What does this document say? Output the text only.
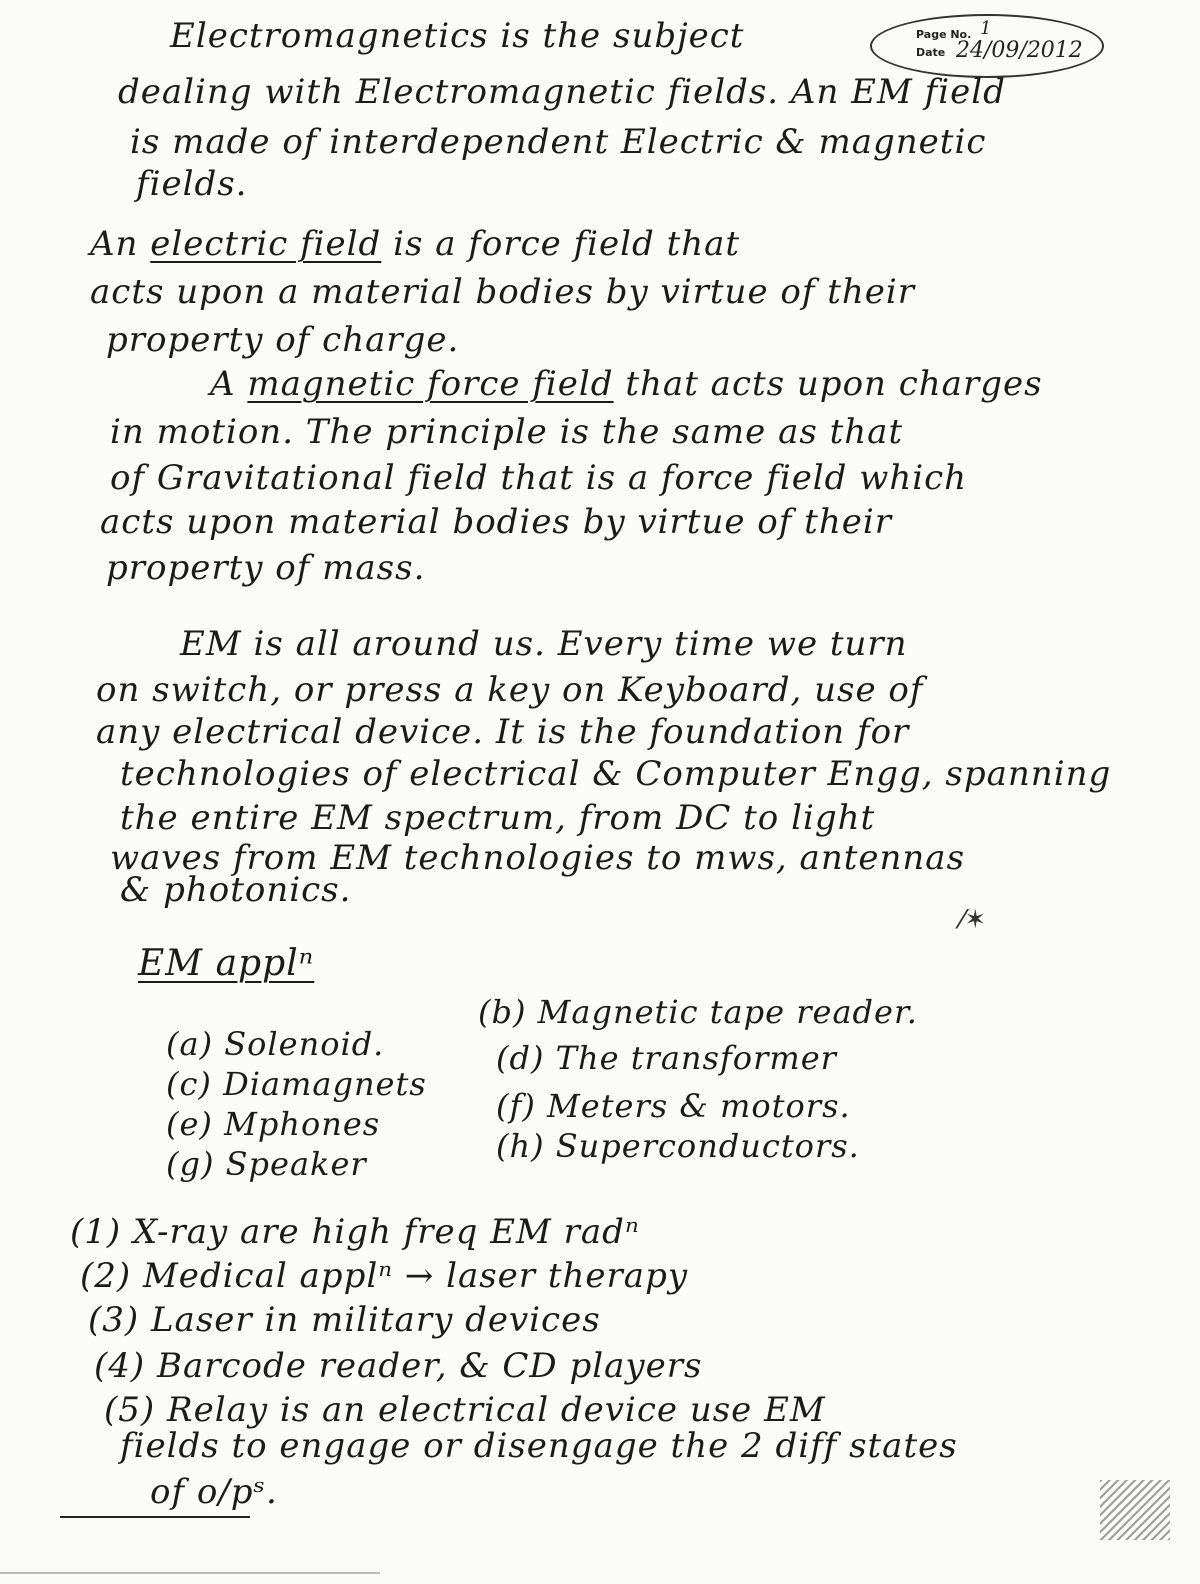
Page No. 1
Date 24/09/2012
Electromagnetics is the subject
dealing with Electromagnetic fields. An EM field
is made of interdependent Electric & magnetic
fields.
An electric field is a force field that
acts upon a material bodies by virtue of their
property of charge.
A magnetic force field that acts upon charges
in motion. The principle is the same as that
of Gravitational field that is a force field which
acts upon material bodies by virtue of their
property of mass.
EM is all around us. Every time we turn
on switch, or press a key on Keyboard, use of
any electrical device. It is the foundation for
technologies of electrical & Computer Engg, spanning
the entire EM spectrum, from DC to light
waves from EM technologies to mws, antennas
& photonics.
⁄✶
EM applⁿ
(a) Solenoid.
(b) Magnetic tape reader.
(c) Diamagnets
(d) The transformer
(e) Mphones	(f) Meters & motors.
(g) Speaker	(h) Superconductors.
(1) X-ray are high freq EM radⁿ
(2) Medical applⁿ → laser therapy
(3) Laser in military devices
(4) Barcode reader, & CD players
(5) Relay is an electrical device use EM
fields to engage or disengage the 2 diff states
of o/pˢ.
